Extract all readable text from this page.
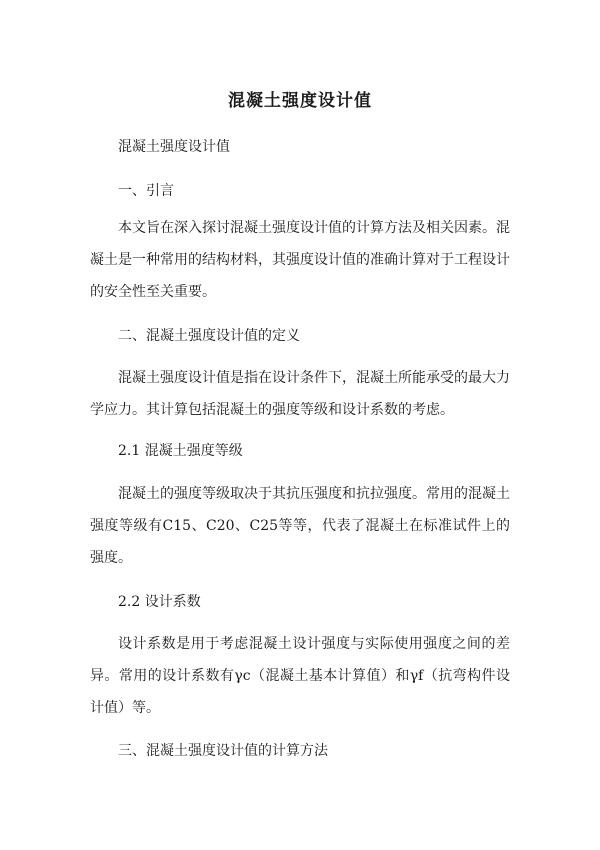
混凝土强度设计值

混凝土强度设计值

一、引言

本文旨在深入探讨混凝土强度设计值的计算方法及相关因素。混凝土是一种常用的结构材料，其强度设计值的准确计算对于工程设计的安全性至关重要。

二、混凝土强度设计值的定义

混凝土强度设计值是指在设计条件下，混凝土所能承受的最大力学应力。其计算包括混凝土的强度等级和设计系数的考虑。

2.1 混凝土强度等级

混凝土的强度等级取决于其抗压强度和抗拉强度。常用的混凝土强度等级有C15、C20、C25等等，代表了混凝土在标准试件上的强度。

2.2 设计系数

设计系数是用于考虑混凝土设计强度与实际使用强度之间的差异。常用的设计系数有γc（混凝土基本计算值）和γf（抗弯构件设计值）等。

三、混凝土强度设计值的计算方法
